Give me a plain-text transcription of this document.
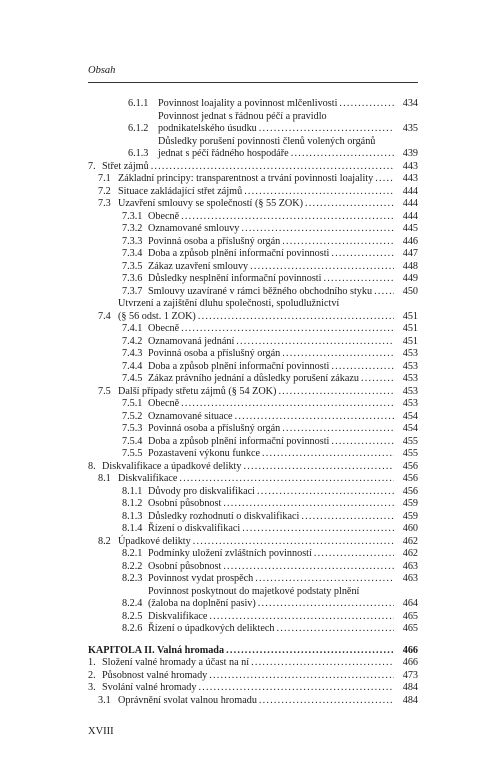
Obsah
6.1.1 Povinnost loajality a povinnost mlčenlivosti .....	434
6.1.2
Povinnost jednat s řádnou péčí a pravidlo
podnikatelského úsudku .....	435
6.1.3
Důsledky porušení povinnosti členů volených orgánů
jednat s péčí řádného hospodáře .....	439
7. Střet zájmů .....	443
7.1 Základní principy: transparentnost a trvání povinnosti loajality .....	443
7.2 Situace zakládající střet zájmů .....	444
7.3 Uzavření smlouvy se společností (§ 55 ZOK) .....	444
7.3.1 Obecně .....	444
7.3.2 Oznamované smlouvy .....	445
7.3.3 Povinná osoba a příslušný orgán .....	446
7.3.4 Doba a způsob plnění informační povinnosti .....	447
7.3.5 Zákaz uzavření smlouvy .....	448
7.3.6 Důsledky nesplnění informační povinnosti .....	449
7.3.7 Smlouvy uzavírané v rámci běžného obchodního styku .....	450
7.4
Utvrzení a zajištění dluhu společnosti, spoludlužnictví
(§ 56 odst. 1 ZOK) .....	451
7.4.1 Obecně .....	451
7.4.2 Oznamovaná jednání .....	451
7.4.3 Povinná osoba a příslušný orgán .....	453
7.4.4 Doba a způsob plnění informační povinnosti .....	453
7.4.5 Zákaz právního jednání a důsledky porušení zákazu .....	453
7.5 Další případy střetu zájmů (§ 54 ZOK) .....	453
7.5.1 Obecně .....	453
7.5.2 Oznamované situace .....	454
7.5.3 Povinná osoba a příslušný orgán .....	454
7.5.4 Doba a způsob plnění informační povinnosti .....	455
7.5.5 Pozastavení výkonu funkce .....	455
8. Diskvalifikace a úpadkové delikty .....	456
8.1 Diskvalifikace .....	456
8.1.1 Důvody pro diskvalifikaci .....	456
8.1.2 Osobní působnost .....	459
8.1.3 Důsledky rozhodnutí o diskvalifikaci .....	459
8.1.4 Řízení o diskvalifikaci .....	460
8.2 Úpadkové delikty .....	462
8.2.1 Podmínky uložení zvláštních povinností .....	462
8.2.2 Osobní působnost .....	463
8.2.3 Povinnost vydat prospěch .....	463
8.2.4
Povinnost poskytnout do majetkové podstaty plnění
(žaloba na doplnění pasiv) .....	464
8.2.5 Diskvalifikace .....	465
8.2.6 Řízení o úpadkových deliktech .....	465
KAPITOLA II. Valná hromada .....	466
1. Složení valné hromady a účast na ní .....	466
2. Působnost valné hromady .....	473
3. Svolání valné hromady .....	484
3.1 Oprávnění svolat valnou hromadu .....	484
XVIII
